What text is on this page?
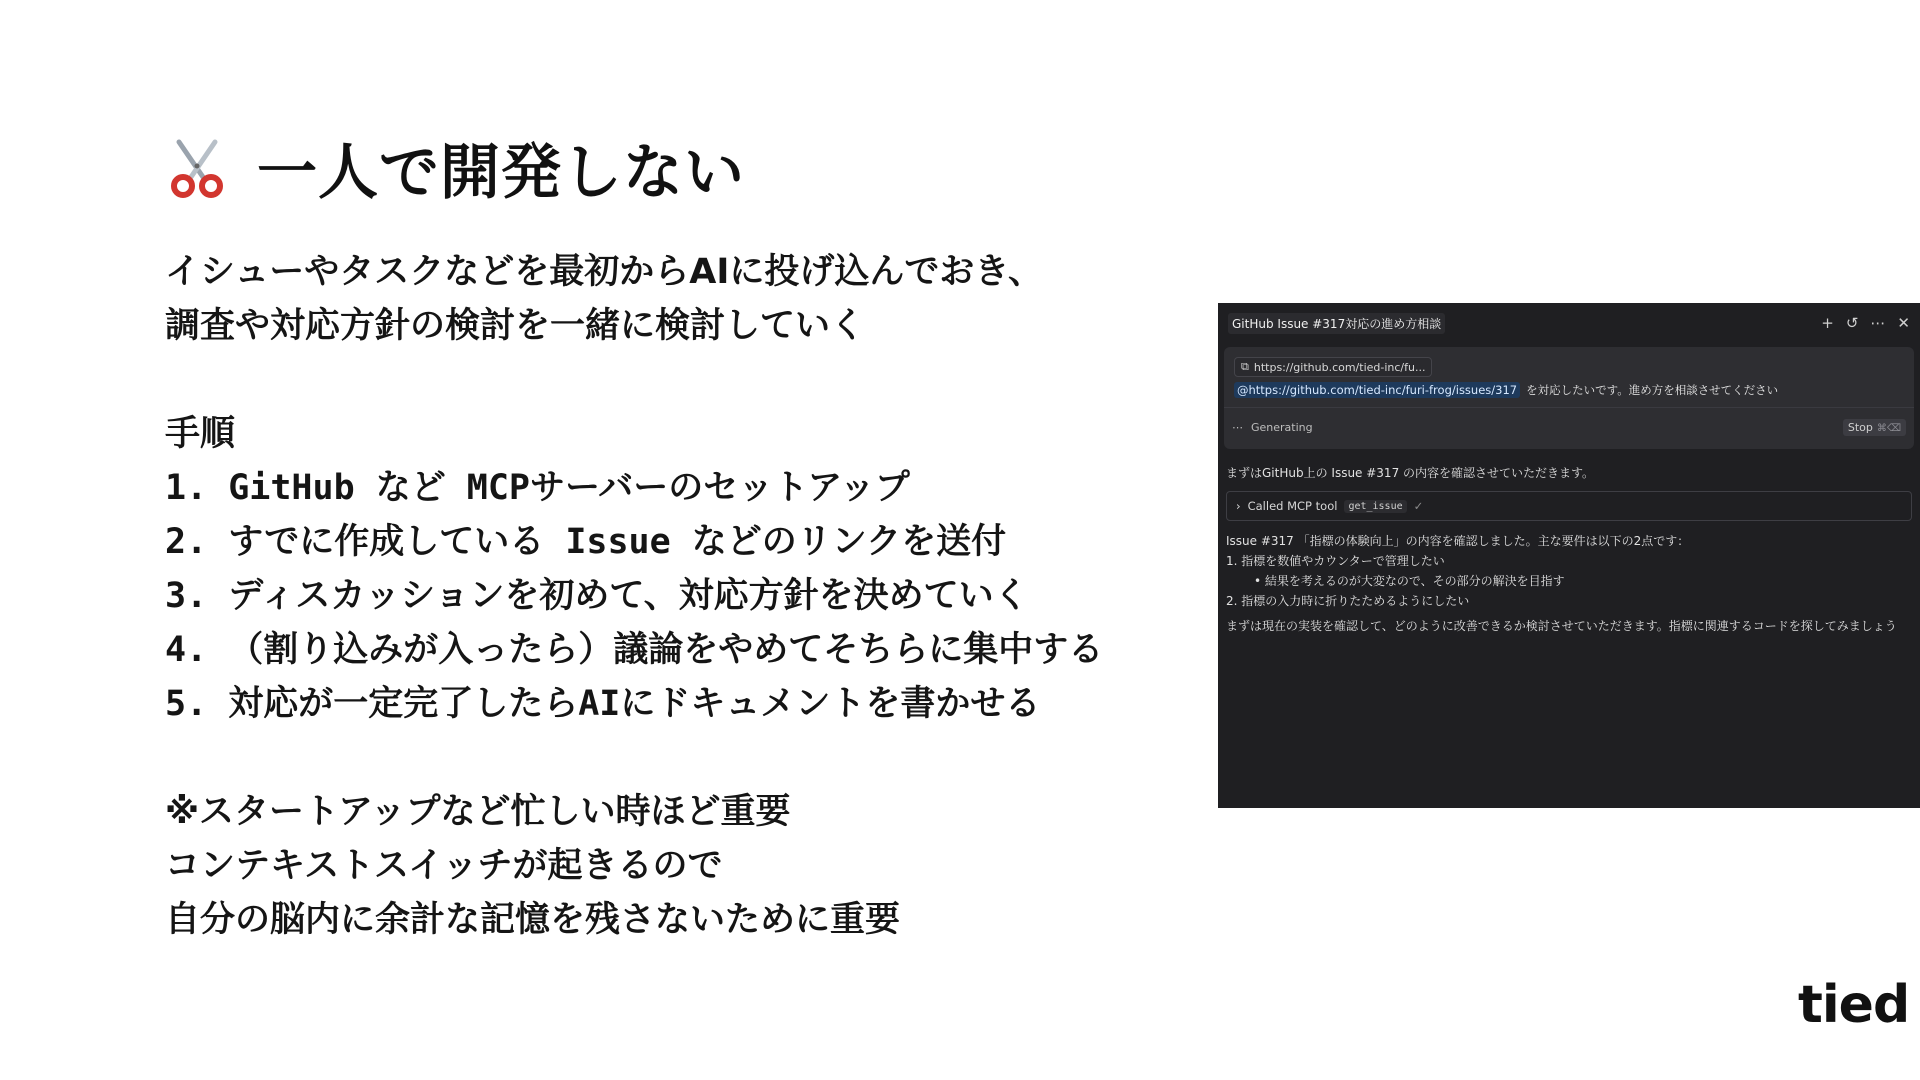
一人で開発しない
イシューやタスクなどを最初からAIに投げ込んでおき、
調査や対応方針の検討を一緒に検討していく
手順
1. GitHub など MCPサーバーのセットアップ
2. すでに作成している Issue などのリンクを送付
3. ディスカッションを初めて、対応方針を決めていく
4. （割り込みが入ったら）議論をやめてそちらに集中する
5. 対応が一定完了したらAIにドキュメントを書かせる
※スタートアップなど忙しい時ほど重要
コンテキストスイッチが起きるので
自分の脳内に余計な記憶を残さないために重要
GitHub Issue #317対応の進め方相談	+ ↺ ⋯ ✕
⧉ https://github.com/tied-inc/fu...
@https://github.com/tied-inc/furi-frog/issues/317 を対応したいです。進め方を相談させてください
⋯ Generating	Stop ⌘⌫

まずはGitHub上の Issue #317 の内容を確認させていただきます。

› Called MCP tool	get_issue ✓

Issue #317 「指標の体験向上」の内容を確認しました。主な要件は以下の2点です：

1. 指標を数値やカウンターで管理したい

• 結果を考えるのが大変なので、その部分の解決を目指す

2. 指標の入力時に折りたためるようにしたい

まずは現在の実装を確認して、どのように改善できるか検討させていただきます。指標に関連するコードを探してみましょう

tied
